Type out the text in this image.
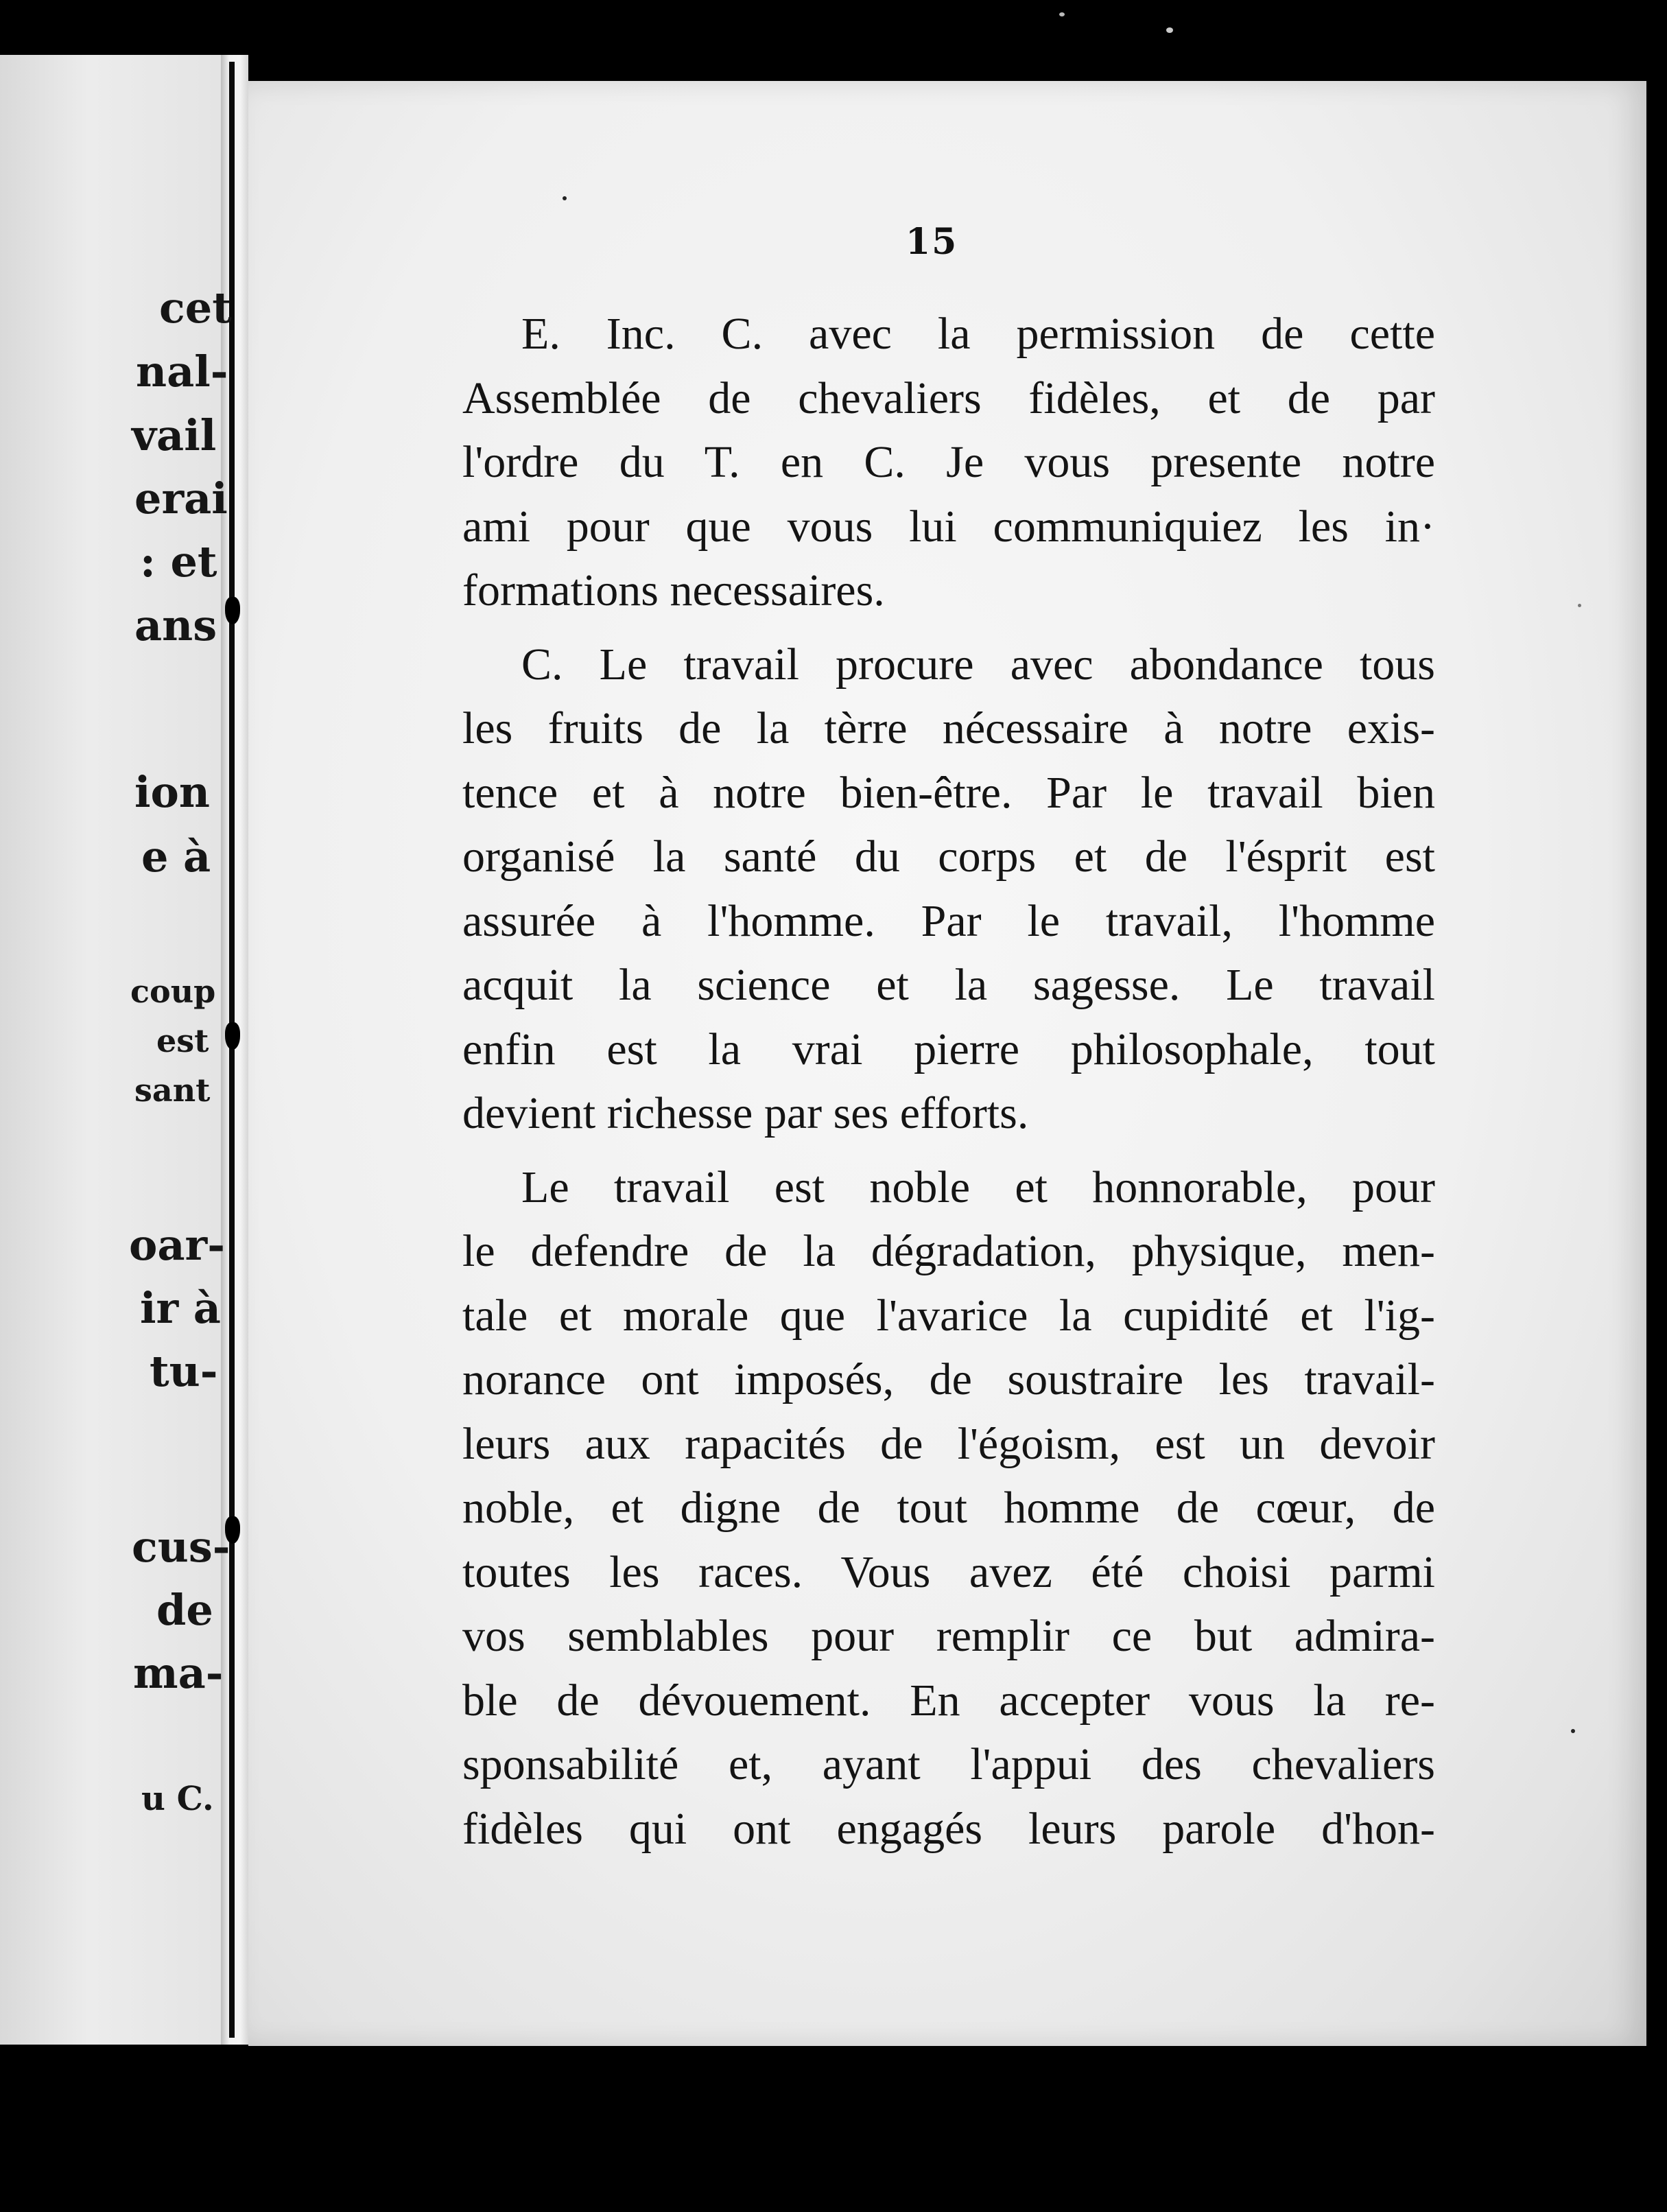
cet
nal-
vail
erai
: et
ans
ion
e à
coup
est
sant
oar-
ir à
tu-
cus-
de
ma-
u C.
15

E. Inc. C. avec la permission de cette
Assemblée de chevaliers fidèles, et de par
l'ordre du T. en C. Je vous presente notre
ami pour que vous lui communiquiez les in·
formations necessaires.

C. Le travail procure avec abondance tous
les fruits de la tèrre nécessaire à notre exis-
tence et à notre bien-être. Par le travail bien
organisé la santé du corps et de l'ésprit est
assurée à l'homme. Par le travail, l'homme
acquit la science et la sagesse. Le travail
enfin est la vrai pierre philosophale, tout
devient richesse par ses efforts.

Le travail est noble et honnorable, pour
le defendre de la dégradation, physique, men-
tale et morale que l'avarice la cupidité et l'ig-
norance ont imposés, de soustraire les travail-
leurs aux rapacités de l'égoism, est un devoir
noble, et digne de tout homme de cœur, de
toutes les races. Vous avez été choisi parmi
vos semblables pour remplir ce but admira-
ble de dévouement. En accepter vous la re-
sponsabilité et, ayant l'appui des chevaliers
fidèles qui ont engagés leurs parole d'hon-
